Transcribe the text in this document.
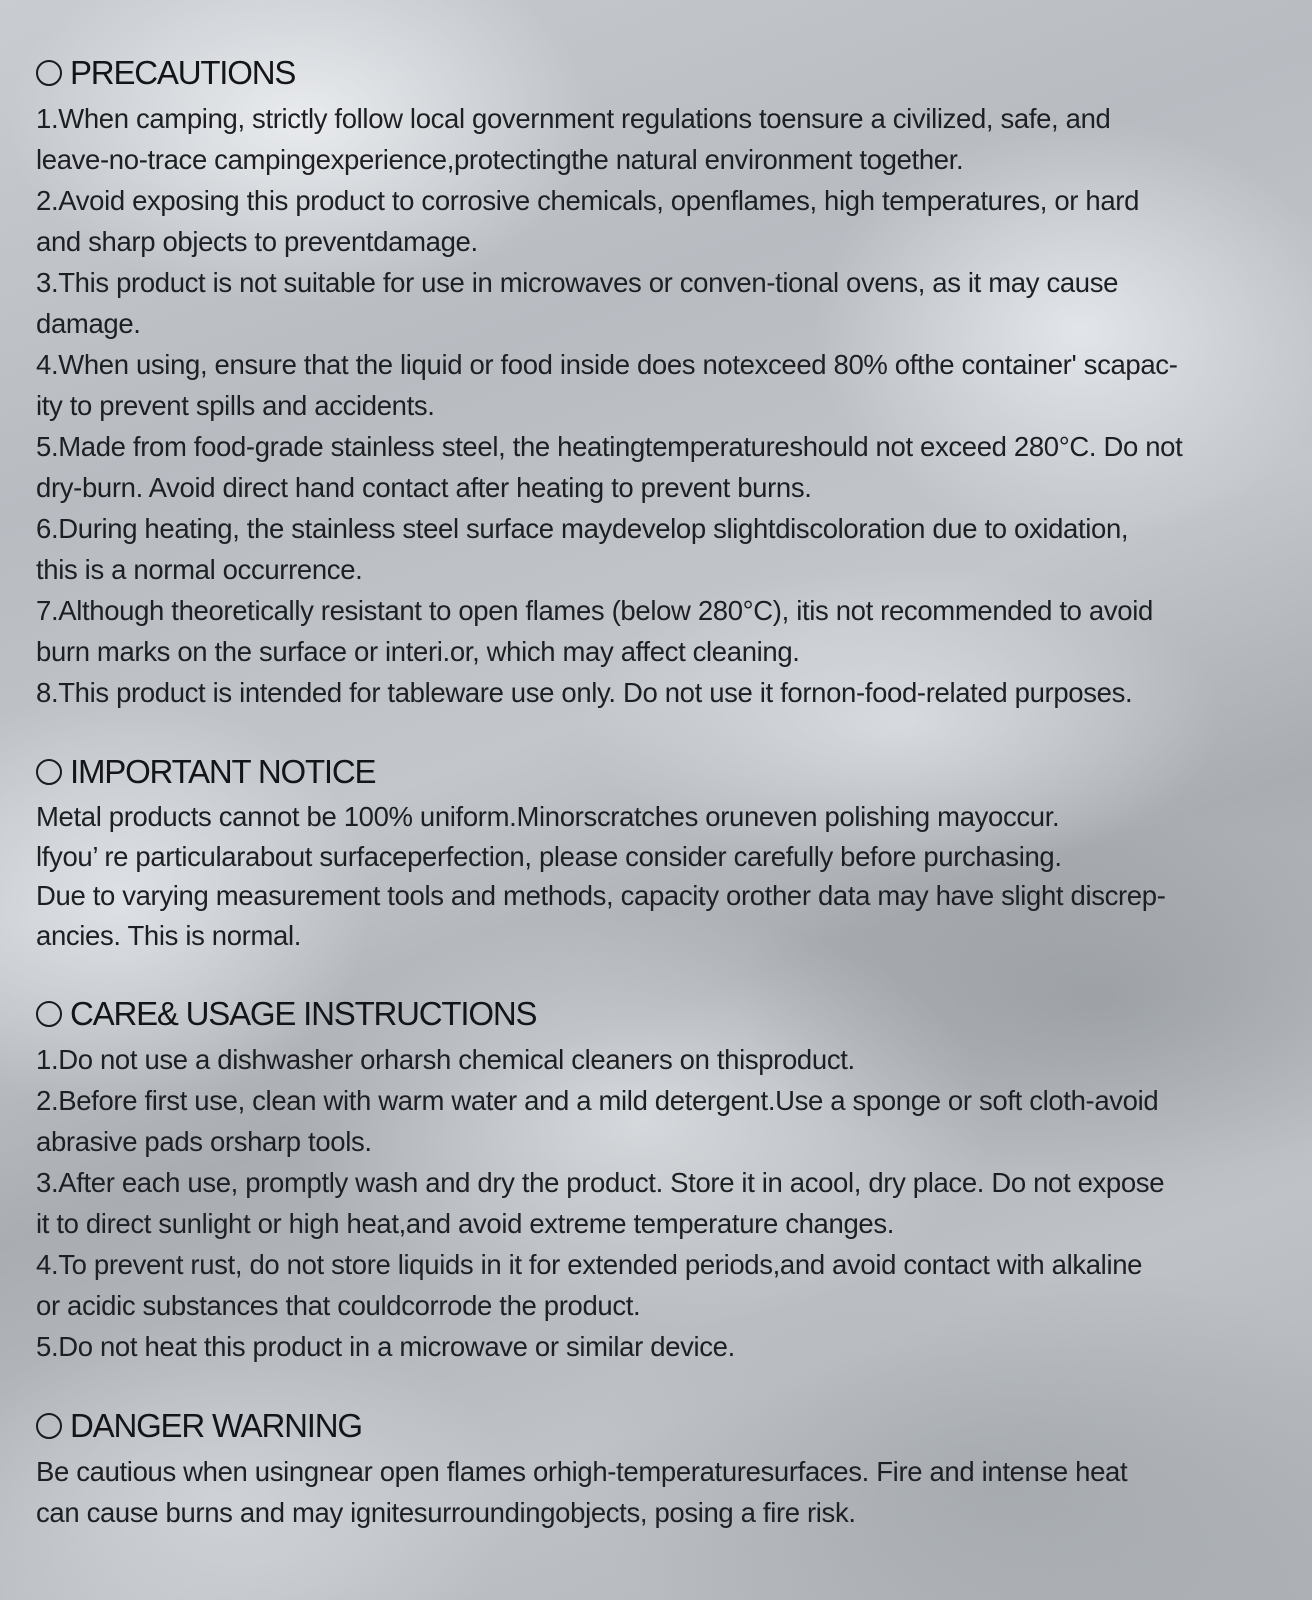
PRECAUTIONS
1.When camping, strictly follow local government regulations toensure a civilized, safe, and
leave-no-trace campingexperience,protectingthe natural environment together.
2.Avoid exposing this product to corrosive chemicals, openflames, high temperatures, or hard
and sharp objects to preventdamage.
3.This product is not suitable for use in microwaves or conven-tional ovens, as it may cause
damage.
4.When using, ensure that the liquid or food inside does notexceed 80% ofthe container' scapac-
ity to prevent spills and accidents.
5.Made from food-grade stainless steel, the heatingtemperatureshould not exceed 280°C. Do not
dry-burn. Avoid direct hand contact after heating to prevent burns.
6.During heating, the stainless steel surface maydevelop slightdiscoloration due to oxidation,
this is a normal occurrence.
7.Although theoretically resistant to open flames (below 280°C), itis not recommended to avoid
burn marks on the surface or interi.or, which may affect cleaning.
8.This product is intended for tableware use only. Do not use it fornon-food-related purposes.
IMPORTANT NOTICE
Metal products cannot be 100% uniform.Minorscratches oruneven polishing mayoccur.
lfyou’ re particularabout surfaceperfection, please consider carefully before purchasing.
Due to varying measurement tools and methods, capacity orother data may have slight discrep-
ancies. This is normal.
CARE& USAGE INSTRUCTIONS
1.Do not use a dishwasher orharsh chemical cleaners on thisproduct.
2.Before first use, clean with warm water and a mild detergent.Use a sponge or soft cloth-avoid
abrasive pads orsharp tools.
3.After each use, promptly wash and dry the product. Store it in acool, dry place. Do not expose
it to direct sunlight or high heat,and avoid extreme temperature changes.
4.To prevent rust, do not store liquids in it for extended periods,and avoid contact with alkaline
or acidic substances that couldcorrode the product.
5.Do not heat this product in a microwave or similar device.
DANGER WARNING
Be cautious when usingnear open flames orhigh-temperaturesurfaces. Fire and intense heat
can cause burns and may ignitesurroundingobjects, posing a fire risk.
